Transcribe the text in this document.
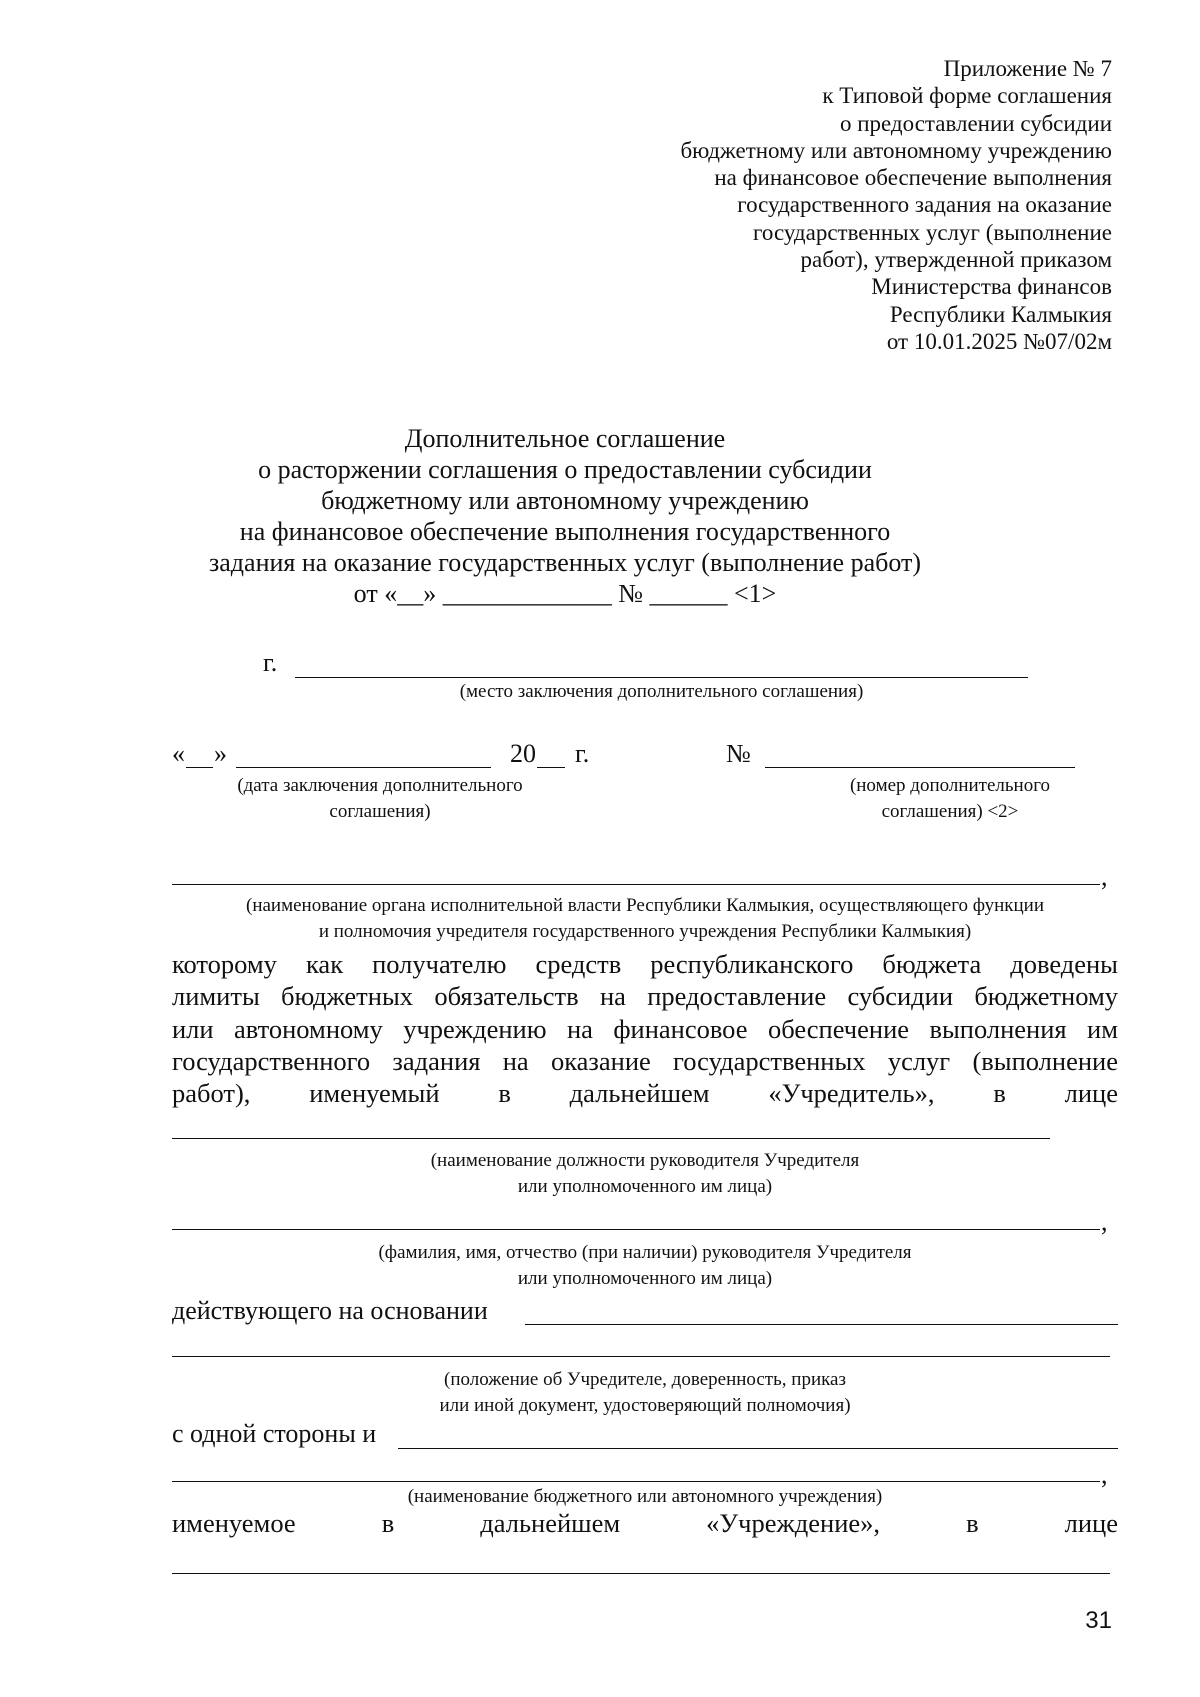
Приложение № 7
к Типовой форме соглашения
о предоставлении субсидии
бюджетному или автономному учреждению
на финансовое обеспечение выполнения
государственного задания на оказание
государственных услуг (выполнение
работ), утвержденной приказом
Министерства финансов
Республики Калмыкия
от 10.01.2025 №07/02м
Дополнительное соглашение
о расторжении соглашения о предоставлении субсидии
бюджетному или автономному учреждению
на финансовое обеспечение выполнения государственного
задания на оказание государственных услуг (выполнение работ)
от «__» _____________ № ______ <1>
г.
(место заключения дополнительного соглашения)
« »	20 г.
(дата заключения дополнительного
соглашения)
№
(номер дополнительного
соглашения) <2>
,
(наименование органа исполнительной власти Республики Калмыкия, осуществляющего функции
и полномочия учредителя государственного учреждения Республики Калмыкия)
которому как получателю средств республиканского бюджета доведены
лимиты бюджетных обязательств на предоставление субсидии бюджетному
или автономному учреждению на финансовое обеспечение выполнения им
государственного задания на оказание государственных услуг (выполнение
работ), именуемый в дальнейшем «Учредитель», в лице
(наименование должности руководителя Учредителя
или уполномоченного им лица)
,
(фамилия, имя, отчество (при наличии) руководителя Учредителя
или уполномоченного им лица)
действующего на основании
(положение об Учредителе, доверенность, приказ
или иной документ, удостоверяющий полномочия)
с одной стороны и
,
(наименование бюджетного или автономного учреждения)
именуемое	в	дальнейшем	«Учреждение»,	в	лице
31
